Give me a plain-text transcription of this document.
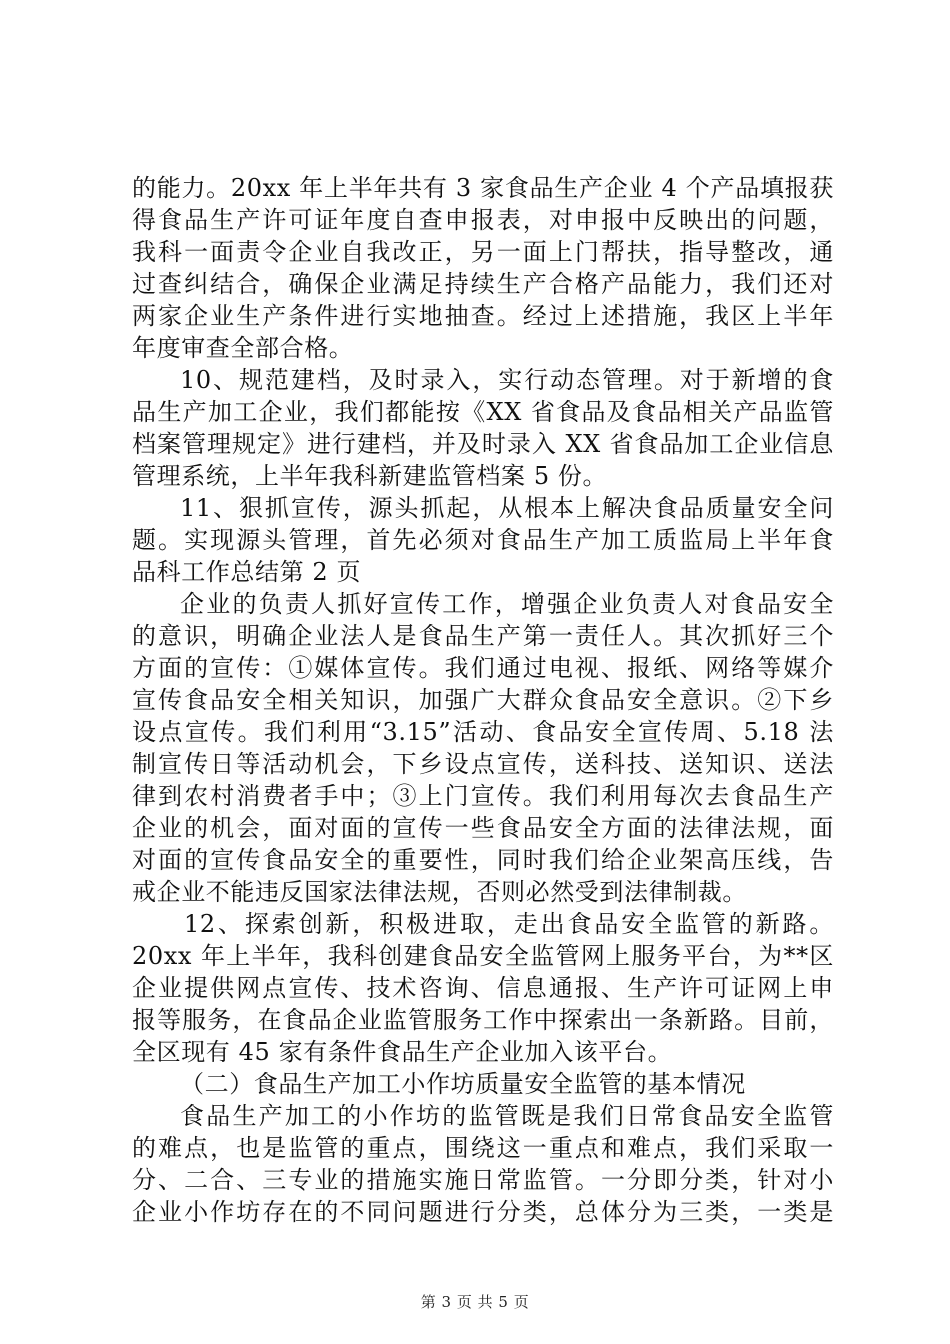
的能力。20xx 年上半年共有 3 家食品生产企业 4 个产品填报获
得食品生产许可证年度自查申报表，对申报中反映出的问题，
我科一面责令企业自我改正，另一面上门帮扶，指导整改，通
过查纠结合，确保企业满足持续生产合格产品能力，我们还对
两家企业生产条件进行实地抽查。经过上述措施，我区上半年
年度审查全部合格。
10、规范建档，及时录入，实行动态管理。对于新增的食
品生产加工企业，我们都能按《XX 省食品及食品相关产品监管
档案管理规定》进行建档，并及时录入 XX 省食品加工企业信息
管理系统，上半年我科新建监管档案 5 份。
11、狠抓宣传，源头抓起，从根本上解决食品质量安全问
题。实现源头管理，首先必须对食品生产加工质监局上半年食
品科工作总结第 2 页
企业的负责人抓好宣传工作，增强企业负责人对食品安全
的意识，明确企业法人是食品生产第一责任人。其次抓好三个
方面的宣传：①媒体宣传。我们通过电视、报纸、网络等媒介
宣传食品安全相关知识，加强广大群众食品安全意识。②下乡
设点宣传。我们利用“3.15”活动、食品安全宣传周、5.18 法
制宣传日等活动机会，下乡设点宣传，送科技、送知识、送法
律到农村消费者手中；③上门宣传。我们利用每次去食品生产
企业的机会，面对面的宣传一些食品安全方面的法律法规，面
对面的宣传食品安全的重要性，同时我们给企业架高压线，告
戒企业不能违反国家法律法规，否则必然受到法律制裁。
12、探索创新，积极进取，走出食品安全监管的新路。
20xx 年上半年，我科创建食品安全监管网上服务平台，为**区
企业提供网点宣传、技术咨询、信息通报、生产许可证网上申
报等服务，在食品企业监管服务工作中探索出一条新路。目前，
全区现有 45 家有条件食品生产企业加入该平台。
（二）食品生产加工小作坊质量安全监管的基本情况
食品生产加工的小作坊的监管既是我们日常食品安全监管
的难点，也是监管的重点，围绕这一重点和难点，我们采取一
分、二合、三专业的措施实施日常监管。一分即分类，针对小
企业小作坊存在的不同问题进行分类，总体分为三类，一类是
第 3 页 共 5 页
